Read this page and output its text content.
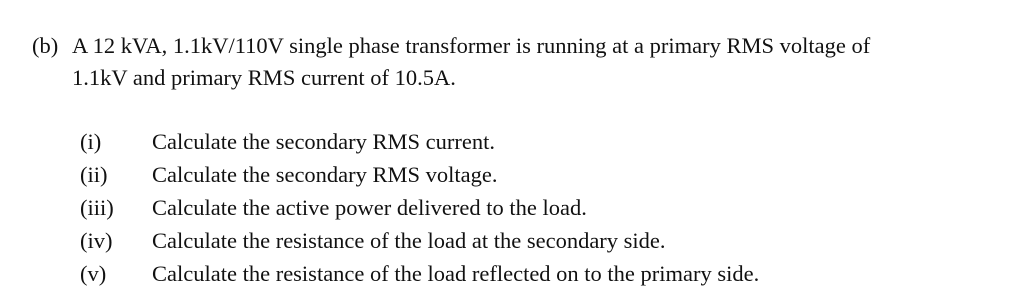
(b) A 12 kVA, 1.1kV/110V single phase transformer is running at a primary RMS voltage of
1.1kV and primary RMS current of 10.5A.
(i) Calculate the secondary RMS current.
(ii) Calculate the secondary RMS voltage.
(iii) Calculate the active power delivered to the load.
(iv) Calculate the resistance of the load at the secondary side.
(v) Calculate the resistance of the load reflected on to the primary side.
